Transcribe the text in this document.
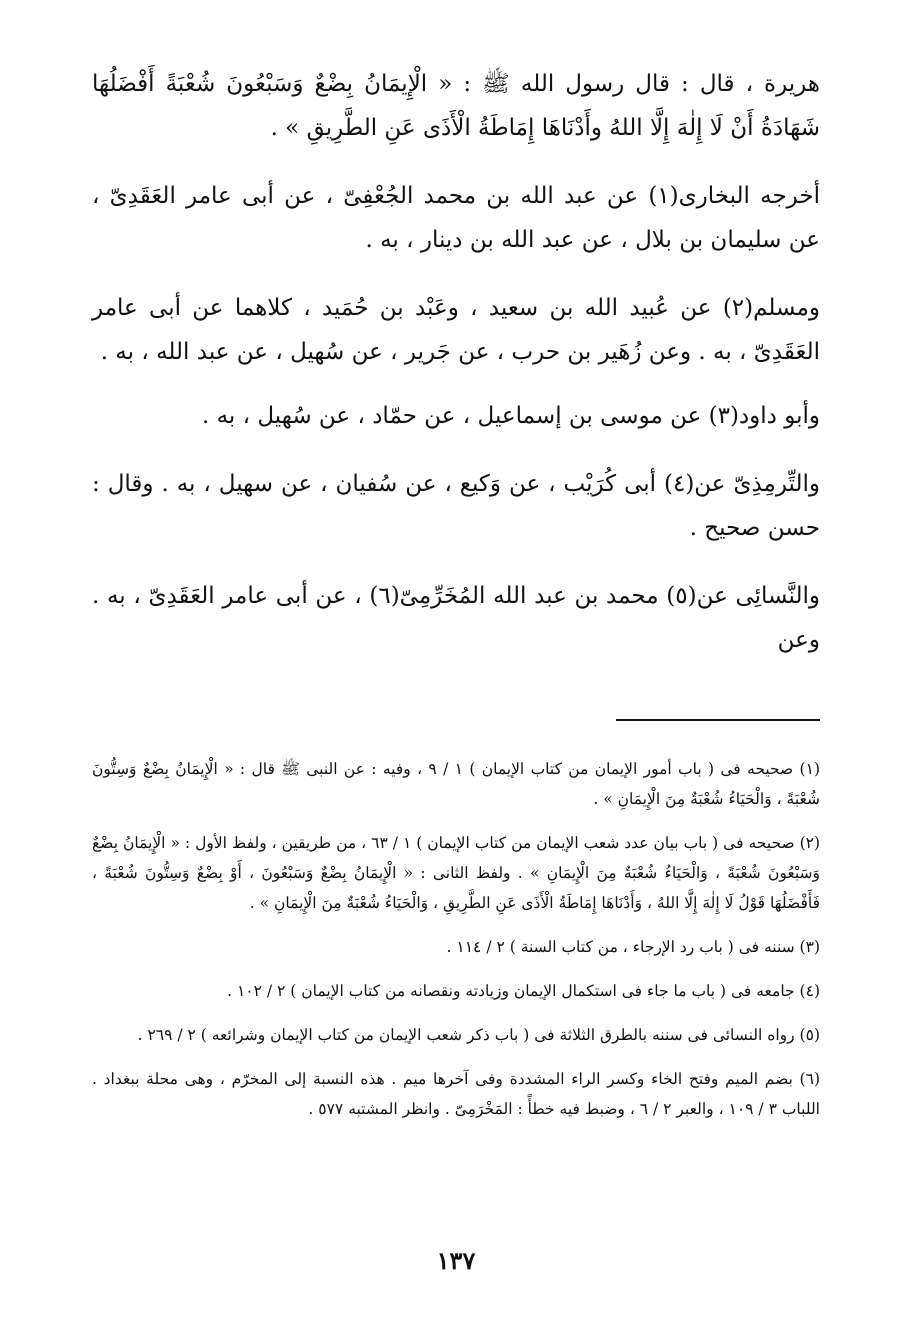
هريرة ، قال : قال رسول الله ﷺ : « الْإِيمَانُ بِضْعٌ وَسَبْعُونَ شُعْبَةً أَفْضَلُهَا شَهَادَةُ أَنْ لَا إِلٰهَ إِلَّا اللهُ وأَدْنَاهَا إِمَاطَةُ الْأَذَى عَنِ الطَّرِيقِ » .

أخرجه البخارى(١) عن عبد الله بن محمد الجُعْفِىّ ، عن أبى عامر العَقَدِىّ ، عن سليمان بن بلال ، عن عبد الله بن دينار ، به .

ومسلم(٢) عن عُبيد الله بن سعيد ، وعَبْد بن حُمَيد ، كلاهما عن أبى عامر العَقَدِىّ ، به . وعن زُهَير بن حرب ، عن جَرير ، عن سُهيل ، عن عبد الله ، به .

وأبو داود(٣) عن موسى بن إسماعيل ، عن حمّاد ، عن سُهيل ، به .

والتِّرمِذِىّ عن(٤) أبى كُرَيْب ، عن وَكيع ، عن سُفيان ، عن سهيل ، به . وقال : حسن صحيح .

والنَّسائِى عن(٥) محمد بن عبد الله المُخَرِّمِىّ(٦) ، عن أبى عامر العَقَدِىّ ، به . وعن

(١) صحيحه فى ( باب أمور الإيمان من كتاب الإيمان ) ١ / ٩ ، وفيه : عن النبى ﷺ قال : « الْإِيمَانُ بِضْعٌ وَسِتُّونَ شُعْبَةً ، وَالْحَيَاءُ شُعْبَةٌ مِنَ الْإِيمَانِ » .

(٢) صحيحه فى ( باب بيان عدد شعب الإيمان من كتاب الإيمان ) ١ / ٦٣ ، من طريقين ، ولفظ الأول : « الْإِيمَانُ بِضْعٌ وَسَبْعُونَ شُعْبَةً ، وَالْحَيَاءُ شُعْبَةٌ مِنَ الْإِيمَانِ » . ولفظ الثانى : « الْإِيمَانُ بِضْعٌ وَسَبْعُونَ ، أَوْ بِضْعٌ وَسِتُّونَ شُعْبَةً ، فَأَفْضَلُهَا قَوْلُ لَا إِلٰهَ إِلَّا اللهُ ، وَأَدْنَاهَا إِمَاطَةُ الْأَذَى عَنِ الطَّرِيقِ ، وَالْحَيَاءُ شُعْبَةٌ مِنَ الْإِيمَانِ » .

(٣) سننه فى ( باب رد الإرجاء ، من كتاب السنة ) ٢ / ١١٤ .

(٤) جامعه فى ( باب ما جاء فى استكمال الإيمان وزيادته ونقصانه من كتاب الإيمان ) ٢ / ١٠٢ .

(٥) رواه النسائى فى سننه بالطرق الثلاثة فى ( باب ذكر شعب الإيمان من كتاب الإيمان وشرائعه ) ٢ / ٢٦٩ .

(٦) بضم الميم وفتح الخاء وكسر الراء المشددة وفى آخرها ميم . هذه النسبة إلى المخرّم ، وهى محلة ببغداد . اللباب ٣ / ١٠٩ ، والعبر ٢ / ٦ ، وضبط فيه خطأً : المَخْرَمِىّ . وانظر المشتبه ٥٧٧ .

١٣٧
